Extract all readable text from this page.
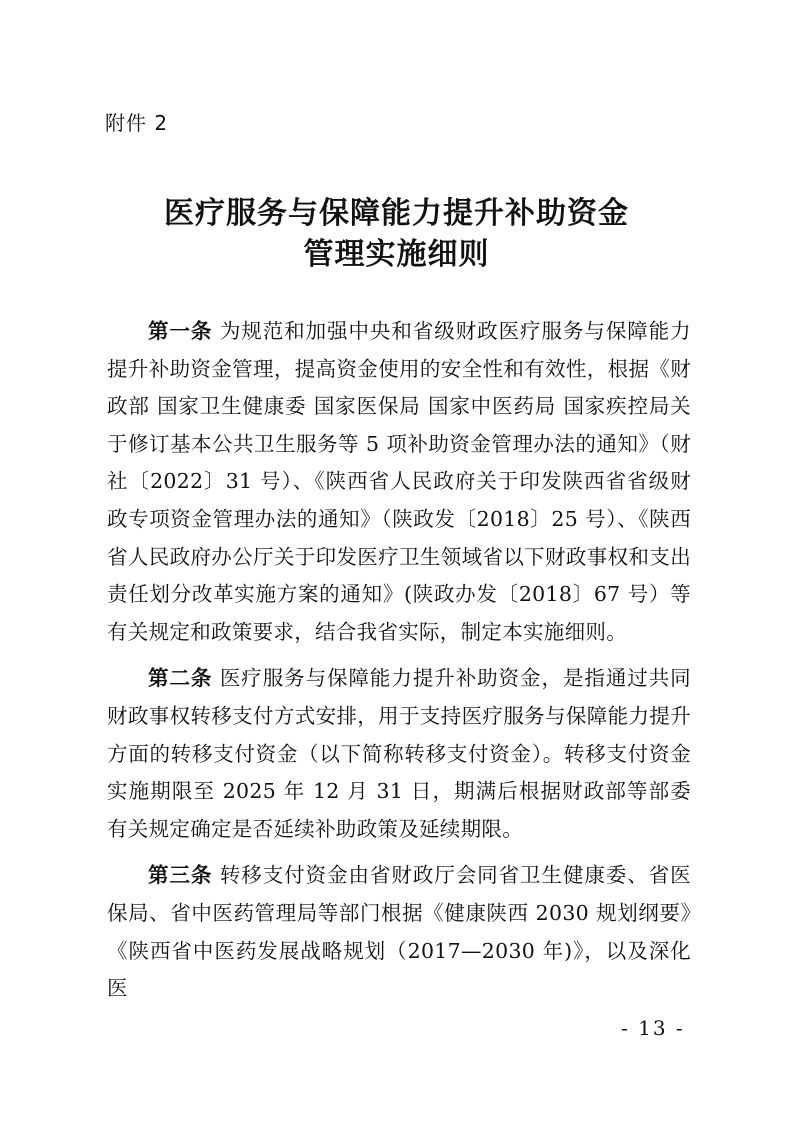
附件 2
医疗服务与保障能力提升补助资金
管理实施细则

第一条 为规范和加强中央和省级财政医疗服务与保障能力提升补助资金管理，提高资金使用的安全性和有效性，根据《财政部 国家卫生健康委 国家医保局 国家中医药局 国家疾控局关于修订基本公共卫生服务等 5 项补助资金管理办法的通知》（财社〔2022〕31 号）、《陕西省人民政府关于印发陕西省省级财政专项资金管理办法的通知》（陕政发〔2018〕25 号）、《陕西省人民政府办公厅关于印发医疗卫生领域省以下财政事权和支出责任划分改革实施方案的通知》(陕政办发〔2018〕67 号）等有关规定和政策要求，结合我省实际，制定本实施细则。

第二条 医疗服务与保障能力提升补助资金，是指通过共同财政事权转移支付方式安排，用于支持医疗服务与保障能力提升方面的转移支付资金（以下简称转移支付资金）。转移支付资金实施期限至 2025 年 12 月 31 日，期满后根据财政部等部委有关规定确定是否延续补助政策及延续期限。

第三条 转移支付资金由省财政厅会同省卫生健康委、省医保局、省中医药管理局等部门根据《健康陕西 2030 规划纲要》《陕西省中医药发展战略规划（2017—2030 年)》，以及深化医

- 13 -
